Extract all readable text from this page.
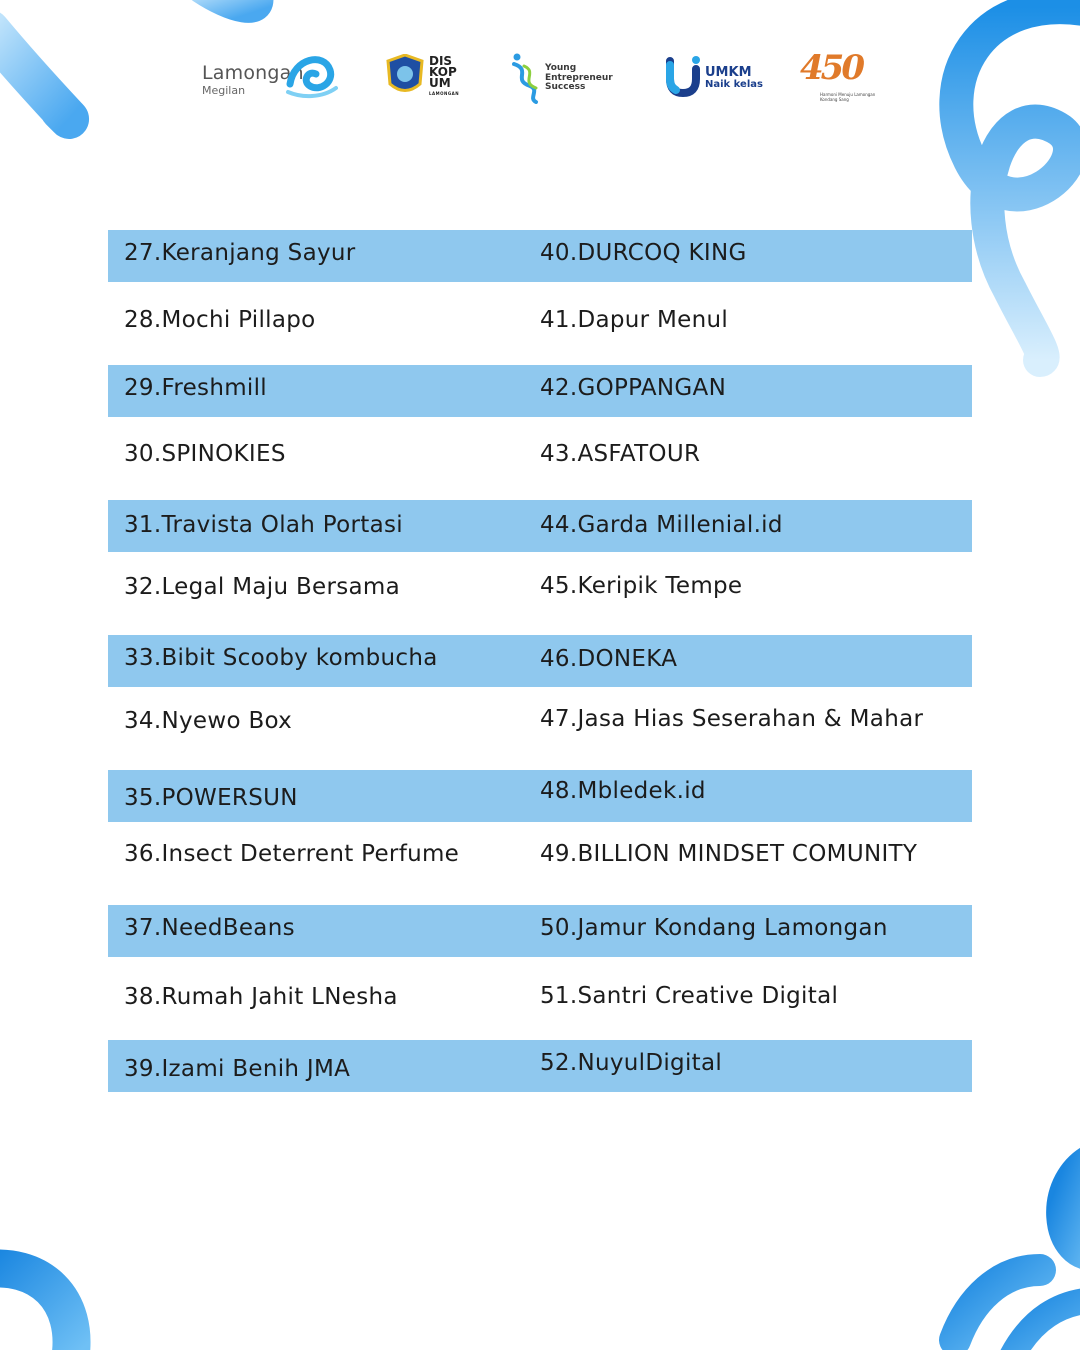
Lamongan
Megilan
DIS
KOP
UM
LAMONGAN
Young
Entrepreneur
Success
UMKM
Naik kelas 450
Harmoni Menuju Lamongan Kondang Sang
27.Keranjang Sayur	40.DURCOQ KING
28.Mochi Pillapo	41.Dapur Menul
29.Freshmill	42.GOPPANGAN
30.SPINOKIES	43.ASFATOUR
31.Travista Olah Portasi	44.Garda Millenial.id
32.Legal Maju Bersama	45.Keripik Tempe
33.Bibit Scooby kombucha	46.DONEKA
34.Nyewo Box	47.Jasa Hias Seserahan & Mahar
35.POWERSUN	48.Mbledek.id
36.Insect Deterrent Perfume	49.BILLION MINDSET COMUNITY
37.NeedBeans	50.Jamur Kondang Lamongan
38.Rumah Jahit LNesha	51.Santri Creative Digital
39.Izami Benih JMA	52.NuyulDigital
